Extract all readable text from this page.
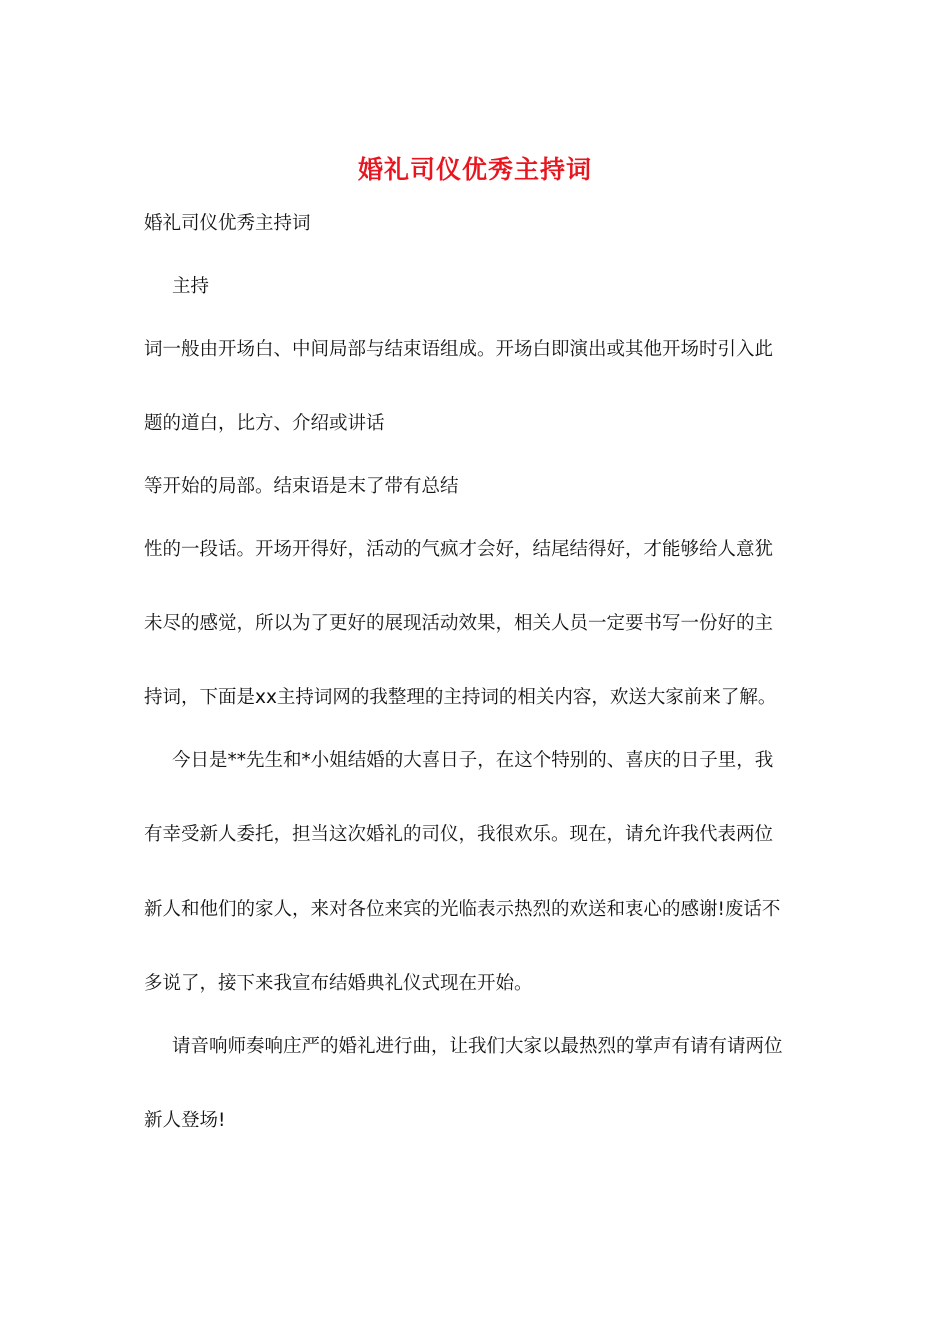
婚礼司仪优秀主持词
婚礼司仪优秀主持词
主持
词一般由开场白、中间局部与结束语组成。开场白即演出或其他开场时引入此
题的道白，比方、介绍或讲话
等开始的局部。结束语是末了带有总结
性的一段话。开场开得好，活动的气疯才会好，结尾结得好，才能够给人意犹
未尽的感觉，所以为了更好的展现活动效果，相关人员一定要书写一份好的主
持词，下面是xx主持词网的我整理的主持词的相关内容，欢送大家前来了解。
今日是**先生和*小姐结婚的大喜日子，在这个特别的、喜庆的日子里，我
有幸受新人委托，担当这次婚礼的司仪，我很欢乐。现在，请允许我代表两位
新人和他们的家人，来对各位来宾的光临表示热烈的欢送和衷心的感谢!废话不
多说了，接下来我宣布结婚典礼仪式现在开始。
请音响师奏响庄严的婚礼进行曲，让我们大家以最热烈的掌声有请有请两位
新人登场!
